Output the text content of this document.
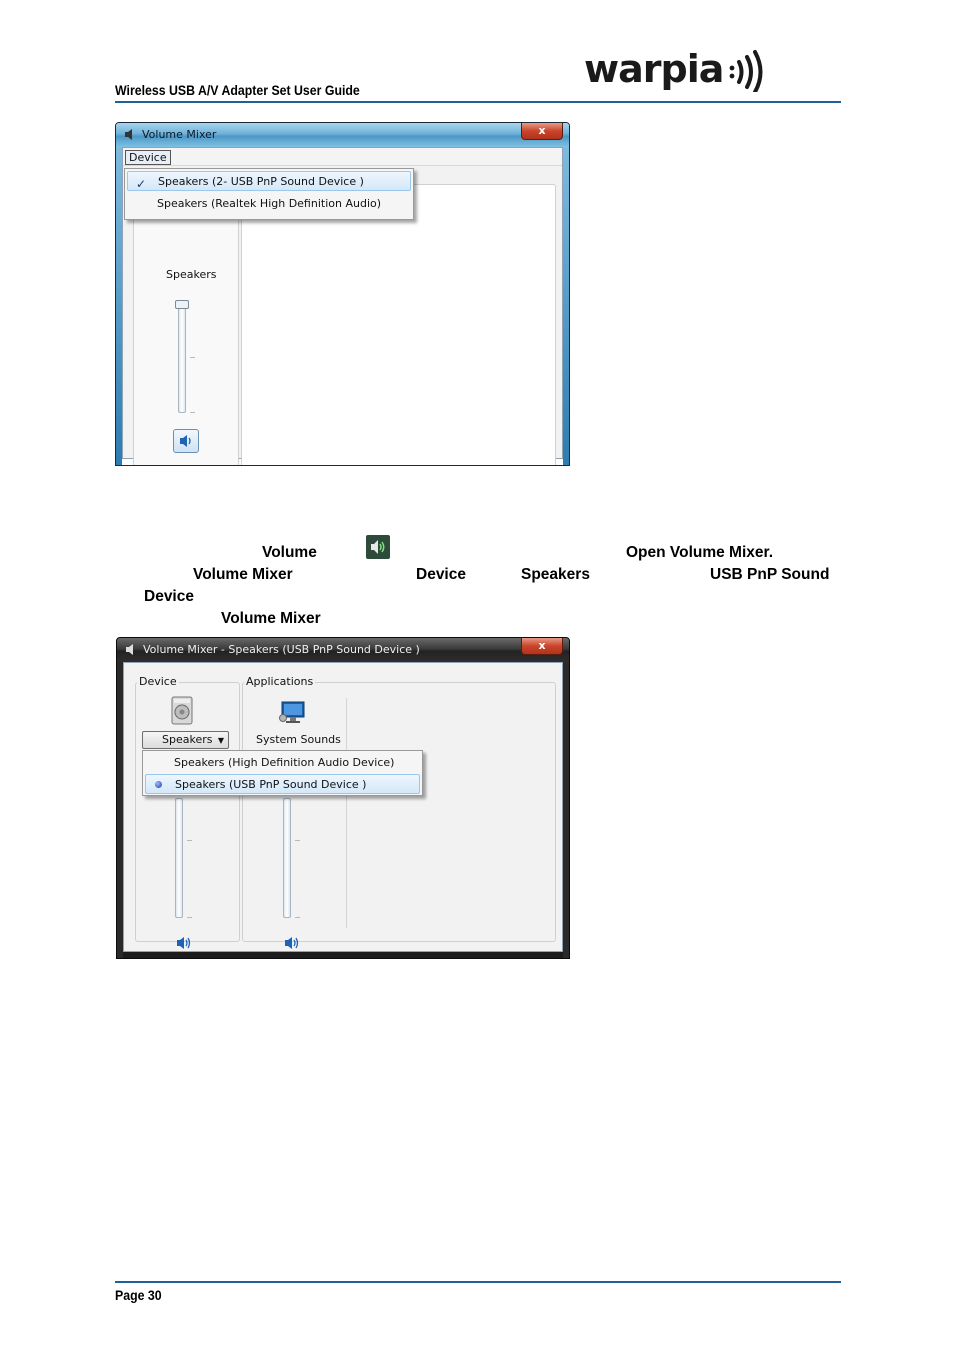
Wireless USB A/V Adapter Set User Guide	warpia
Volume Mixer	x
Device
Speakers
✓ Speakers (2- USB PnP Sound Device )
Speakers (Realtek High Definition Audio)
Volume	Open Volume Mixer.
Volume Mixer	Device	Speakers	USB PnP Sound
Device
Volume Mixer
Volume Mixer - Speakers (USB PnP Sound Device )	x
Device	Applications
Speakers ▼	System Sounds
Speakers (High Definition Audio Device)
Speakers (USB PnP Sound Device )
Page 30
